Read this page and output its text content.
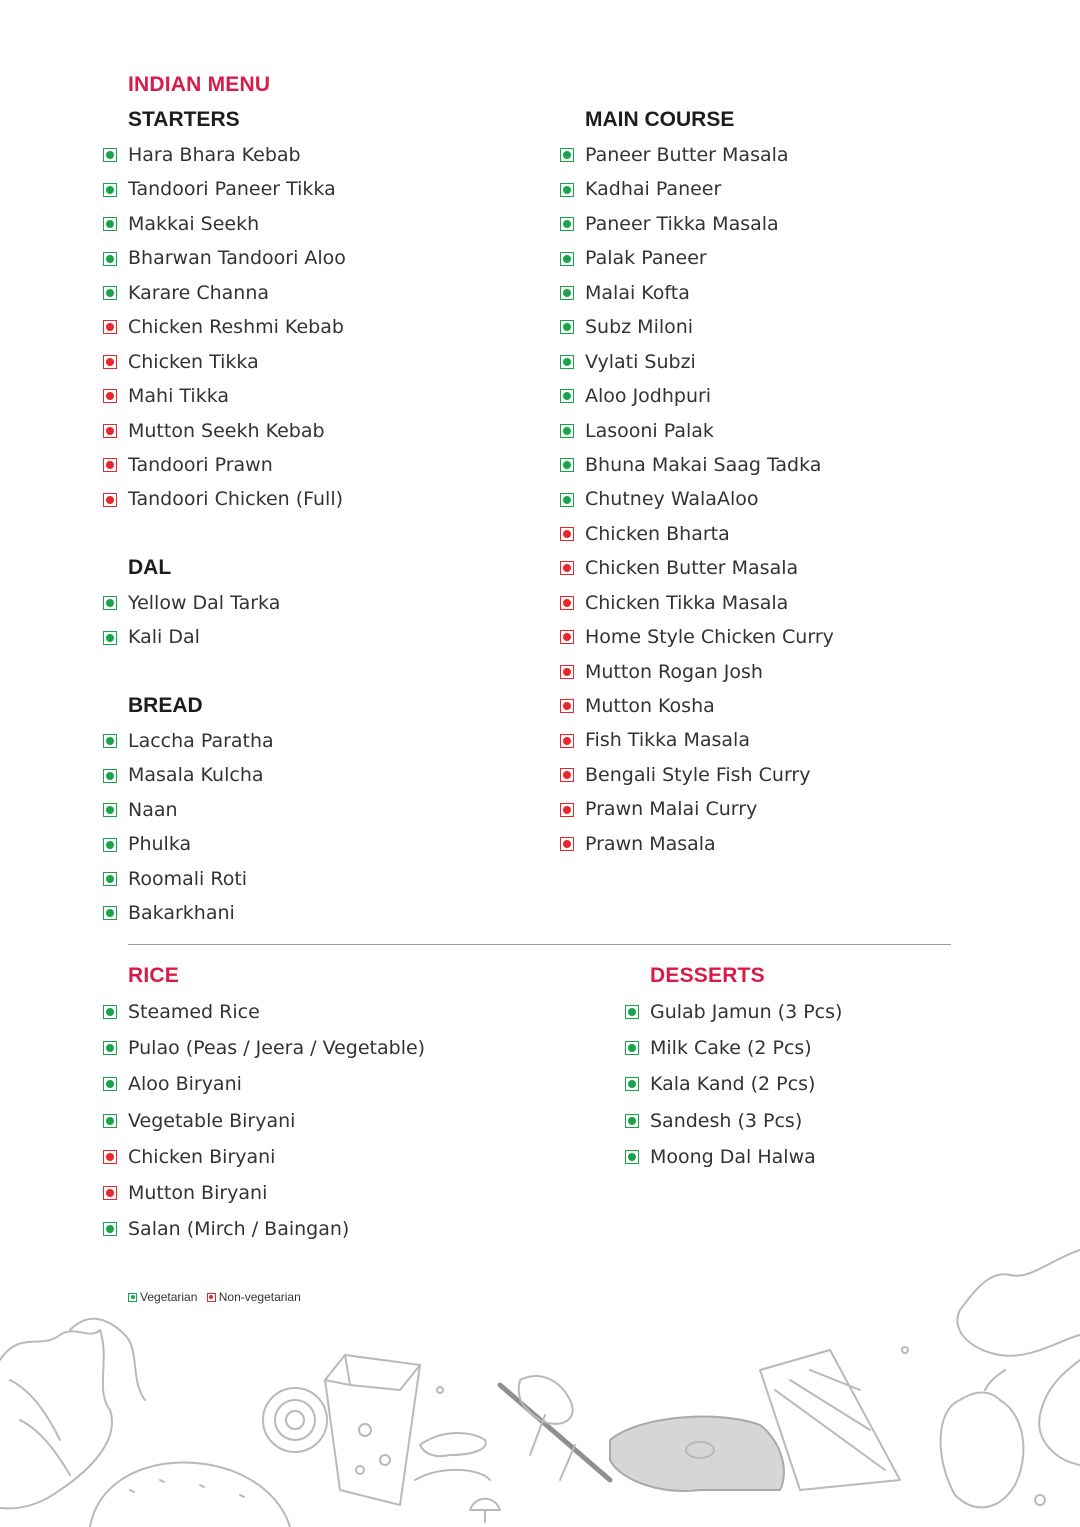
INDIAN MENU
STARTERS
Hara Bhara Kebab
Tandoori Paneer Tikka
Makkai Seekh
Bharwan Tandoori Aloo
Karare Channa
Chicken Reshmi Kebab
Chicken Tikka
Mahi Tikka
Mutton Seekh Kebab
Tandoori Prawn
Tandoori Chicken (Full)
DAL
Yellow Dal Tarka
Kali Dal
BREAD
Laccha Paratha
Masala Kulcha
Naan
Phulka
Roomali Roti
Bakarkhani
MAIN COURSE
Paneer Butter Masala
Kadhai Paneer
Paneer Tikka Masala
Palak Paneer
Malai Kofta
Subz Miloni
Vylati Subzi
Aloo Jodhpuri
Lasooni Palak
Bhuna Makai Saag Tadka
Chutney WalaAloo
Chicken Bharta
Chicken Butter Masala
Chicken Tikka Masala
Home Style Chicken Curry
Mutton Rogan Josh
Mutton Kosha
Fish Tikka Masala
Bengali Style Fish Curry
Prawn Malai Curry
Prawn Masala
RICE
Steamed Rice
Pulao (Peas / Jeera / Vegetable)
Aloo Biryani
Vegetable Biryani
Chicken Biryani
Mutton Biryani
Salan (Mirch / Baingan)
DESSERTS
Gulab Jamun (3 Pcs)
Milk Cake (2 Pcs)
Kala Kand (2 Pcs)
Sandesh (3 Pcs)
Moong Dal Halwa
Vegetarian
Non-vegetarian
